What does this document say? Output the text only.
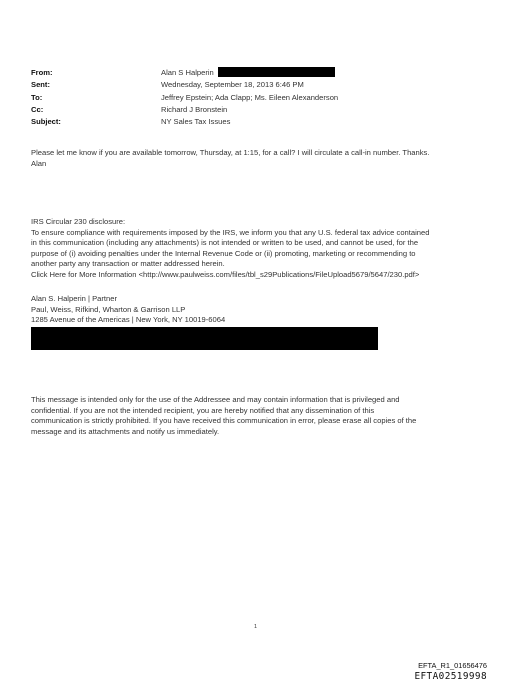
From:	Alan S Halperin
Sent:	Wednesday, September 18, 2013 6:46 PM
To:	Jeffrey Epstein; Ada Clapp; Ms. Eileen Alexanderson
Cc:	Richard J Bronstein
Subject:	NY Sales Tax Issues

Please let me know if you are available tomorrow, Thursday, at 1:15, for a call? I will circulate a call-in number. Thanks.

Alan

IRS Circular 230 disclosure:

To ensure compliance with requirements imposed by the IRS, we inform you that any U.S. federal tax advice contained

in this communication (including any attachments) is not intended or written to be used, and cannot be used, for the

purpose of (i) avoiding penalties under the Internal Revenue Code or (ii) promoting, marketing or recommending to

another party any transaction or matter addressed herein.

Click Here for More Information <http://www.paulweiss.com/files/tbl_s29Publications/FileUpload5679/5647/230.pdf>

Alan S. Halperin | Partner

Paul, Weiss, Rifkind, Wharton & Garrison LLP

1285 Avenue of the Americas | New York, NY 10019-6064

This message is intended only for the use of the Addressee and may contain information that is privileged and

confidential. If you are not the intended recipient, you are hereby notified that any dissemination of this

communication is strictly prohibited. If you have received this communication in error, please erase all copies of the

message and its attachments and notify us immediately.

1
EFTA_R1_01656476
EFTA02519998
